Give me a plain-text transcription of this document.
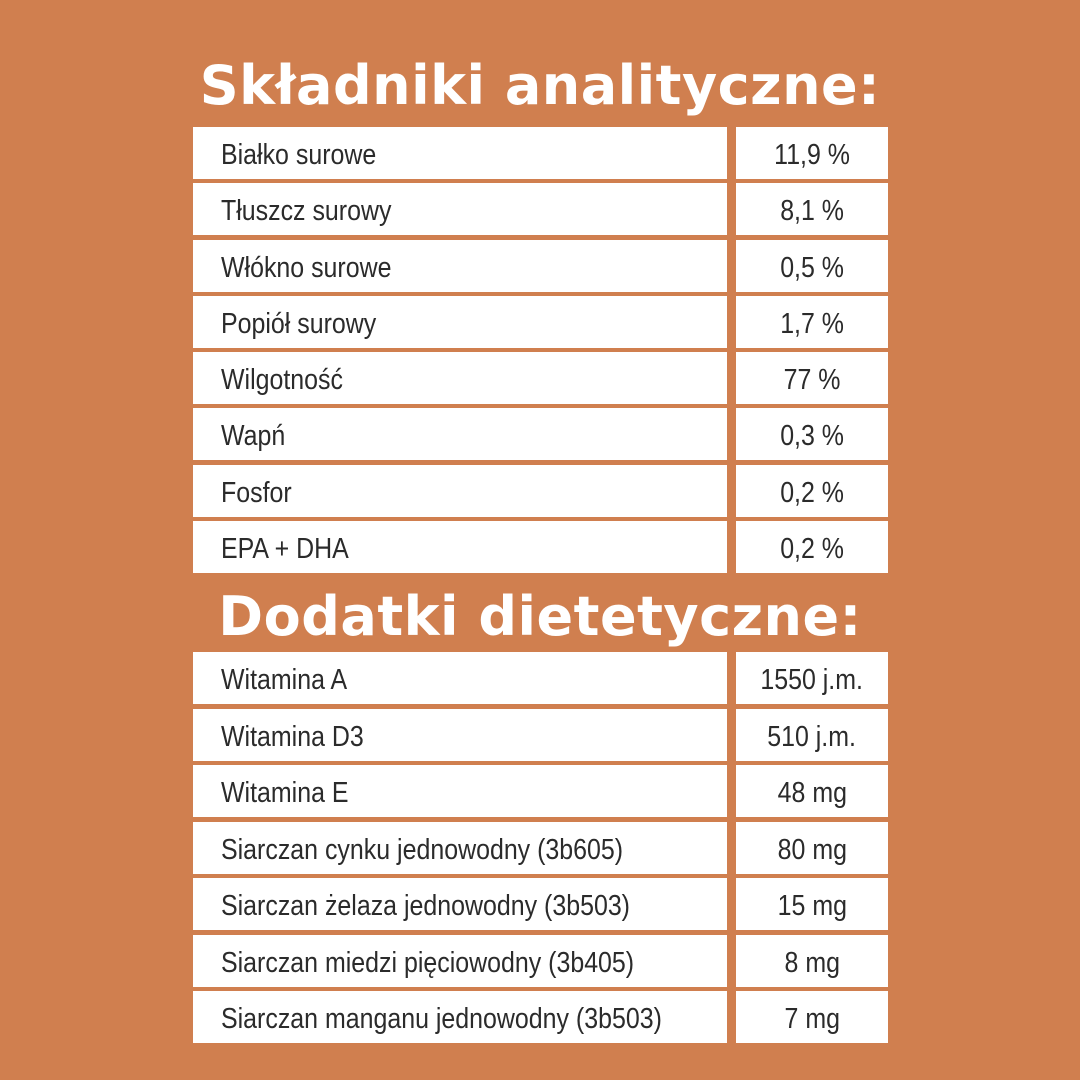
Składniki analityczne:
Białko surowe	11,9 %
Tłuszcz surowy	8,1 %
Włókno surowe	0,5 %
Popiół surowy	1,7 %
Wilgotność	77 %
Wapń	0,3 %
Fosfor	0,2 %
EPA + DHA	0,2 %
Dodatki dietetyczne:
Witamina A	1550 j.m.
Witamina D3	510 j.m.
Witamina E	48 mg
Siarczan cynku jednowodny (3b605)	80 mg
Siarczan żelaza jednowodny (3b503)	15 mg
Siarczan miedzi pięciowodny (3b405)	8 mg
Siarczan manganu jednowodny (3b503)	7 mg
